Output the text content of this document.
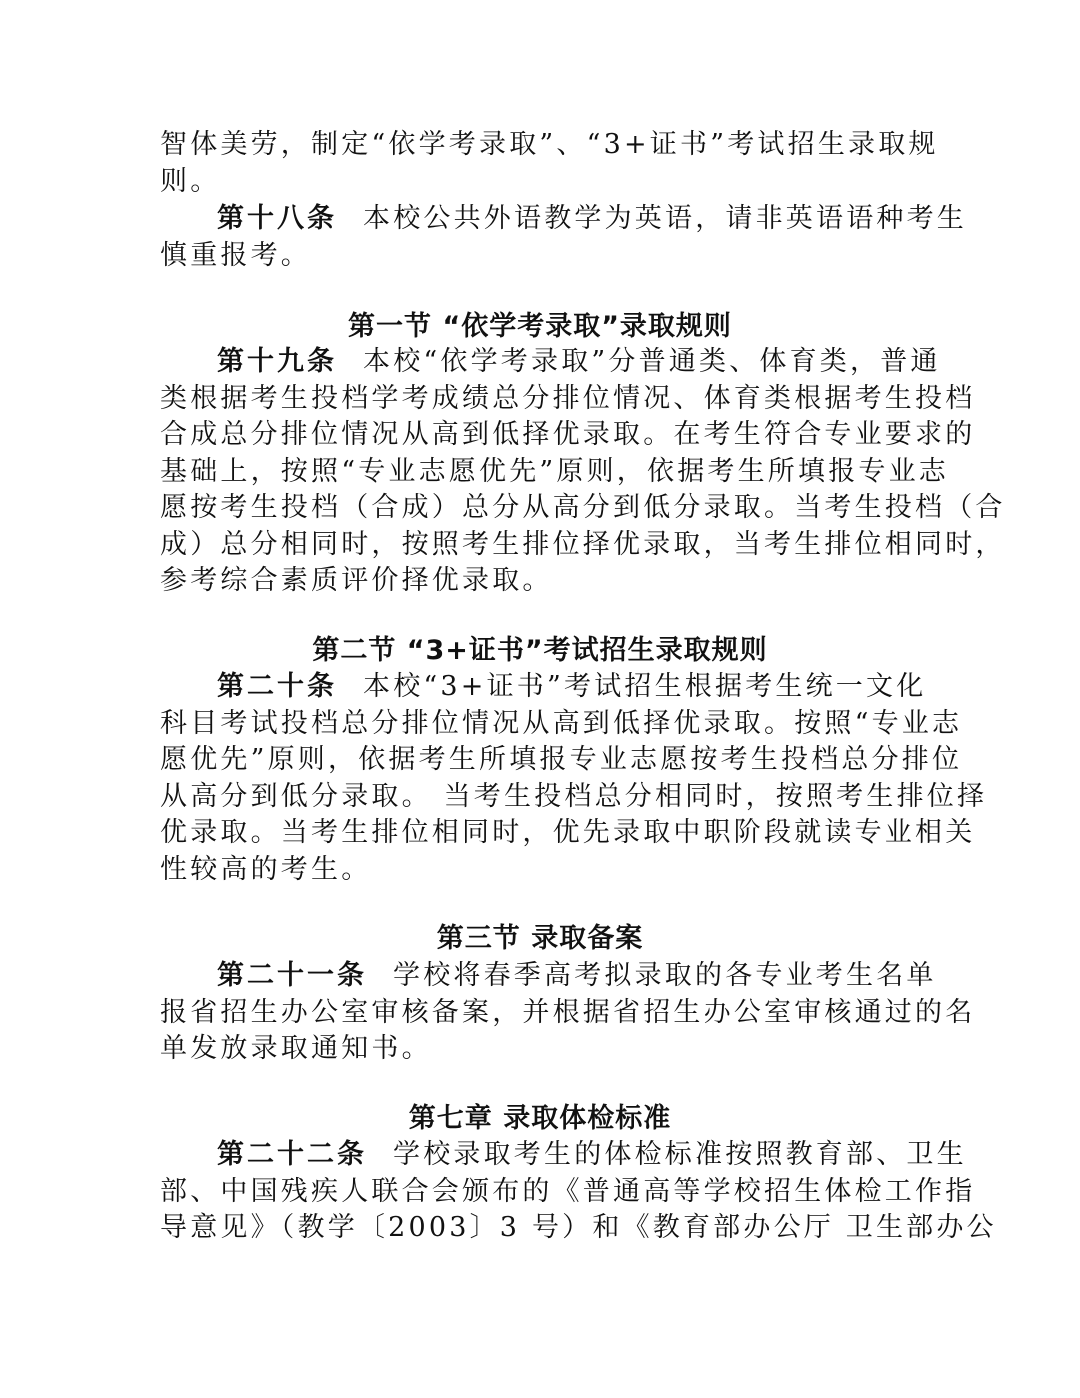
智体美劳，制定“依学考录取”、“3+证书”考试招生录取规
则。
第十八条 本校公共外语教学为英语，请非英语语种考生
慎重报考。
第一节 “依学考录取”录取规则
第十九条 本校“依学考录取”分普通类、体育类，普通
类根据考生投档学考成绩总分排位情况、体育类根据考生投档
合成总分排位情况从高到低择优录取。在考生符合专业要求的
基础上，按照“专业志愿优先”原则，依据考生所填报专业志
愿按考生投档（合成）总分从高分到低分录取。当考生投档（合
成）总分相同时，按照考生排位择优录取，当考生排位相同时，
参考综合素质评价择优录取。
第二节 “3+证书”考试招生录取规则
第二十条 本校“3+证书”考试招生根据考生统一文化
科目考试投档总分排位情况从高到低择优录取。按照“专业志
愿优先”原则，依据考生所填报专业志愿按考生投档总分排位
从高分到低分录取。 当考生投档总分相同时，按照考生排位择
优录取。当考生排位相同时，优先录取中职阶段就读专业相关
性较高的考生。
第三节 录取备案
第二十一条 学校将春季高考拟录取的各专业考生名单
报省招生办公室审核备案，并根据省招生办公室审核通过的名
单发放录取通知书。
第七章 录取体检标准
第二十二条 学校录取考生的体检标准按照教育部、卫生
部、中国残疾人联合会颁布的《普通高等学校招生体检工作指
导意见》（教学〔2003〕3 号）和《教育部办公厅 卫生部办公
